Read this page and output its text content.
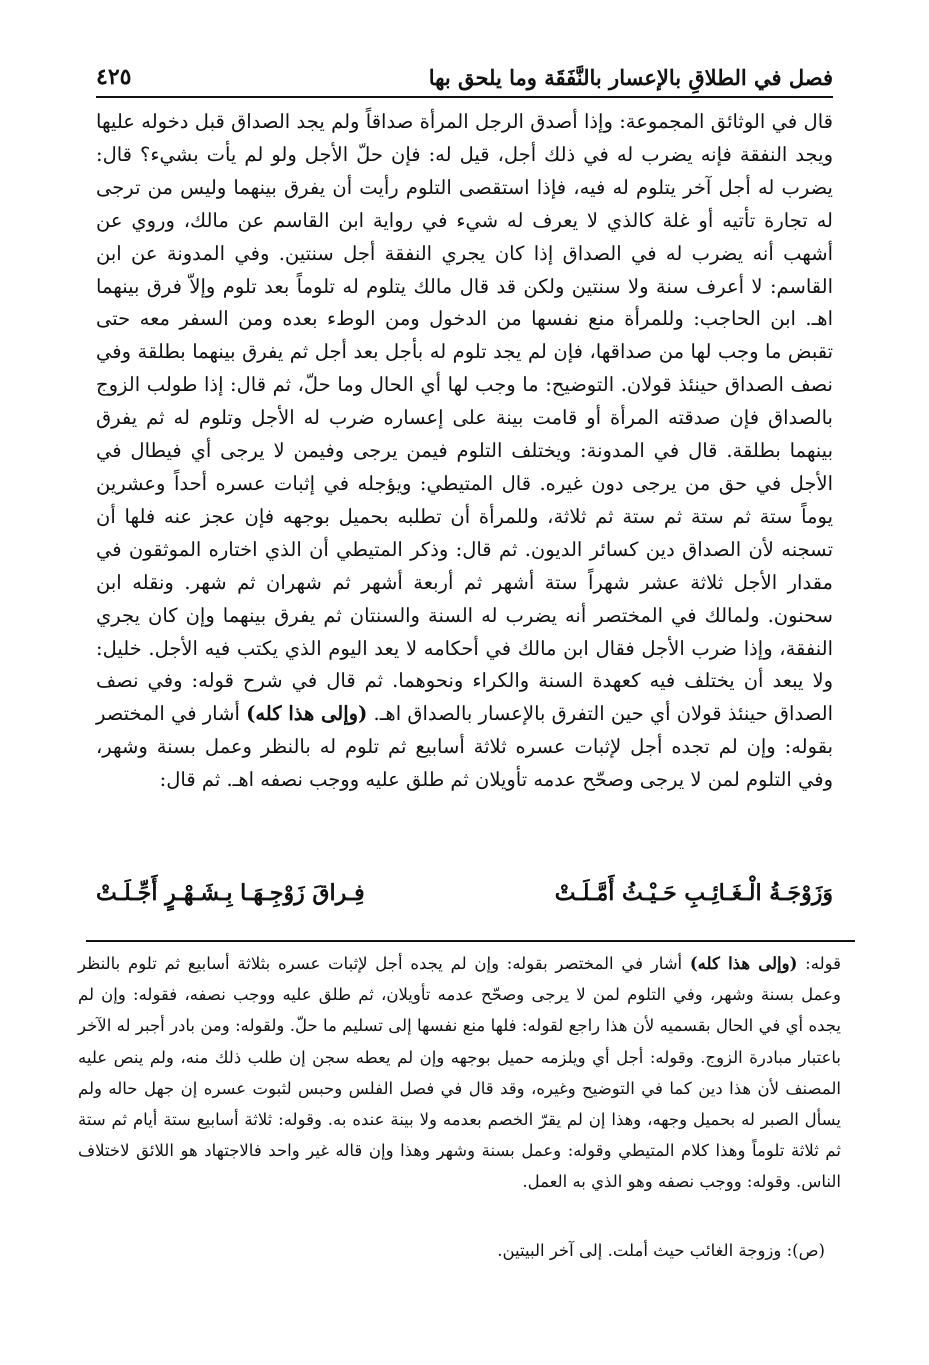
فصل في الطلاقِ بالإعسار بالنَّفَقَة وما يلحق بها
٤٢٥

قال في الوثائق المجموعة: وإذا أصدق الرجل المرأة صداقاً ولم يجد الصداق قبل دخوله عليها ويجد النفقة فإنه يضرب له في ذلك أجل، قيل له: فإن حلّ الأجل ولو لم يأت بشيء؟ قال: يضرب له أجل آخر يتلوم له فيه، فإذا استقصى التلوم رأيت أن يفرق بينهما وليس من ترجى له تجارة تأتيه أو غلة كالذي لا يعرف له شيء في رواية ابن القاسم عن مالك، وروي عن أشهب أنه يضرب له في الصداق إذا كان يجري النفقة أجل سنتين. وفي المدونة عن ابن القاسم: لا أعرف سنة ولا سنتين ولكن قد قال مالك يتلوم له تلوماً بعد تلوم وإلاّ فرق بينهما اهـ. ابن الحاجب: وللمرأة منع نفسها من الدخول ومن الوطء بعده ومن السفر معه حتى تقبض ما وجب لها من صداقها، فإن لم يجد تلوم له بأجل بعد أجل ثم يفرق بينهما بطلقة وفي نصف الصداق حينئذ قولان. التوضيح: ما وجب لها أي الحال وما حلّ، ثم قال: إذا طولب الزوج بالصداق فإن صدقته المرأة أو قامت بينة على إعساره ضرب له الأجل وتلوم له ثم يفرق بينهما بطلقة. قال في المدونة: ويختلف التلوم فيمن يرجى وفيمن لا يرجى أي فيطال في الأجل في حق من يرجى دون غيره. قال المتيطي: ويؤجله في إثبات عسره أحداً وعشرين يوماً ستة ثم ستة ثم ستة ثم ثلاثة، وللمرأة أن تطلبه بحميل بوجهه فإن عجز عنه فلها أن تسجنه لأن الصداق دين كسائر الديون. ثم قال: وذكر المتيطي أن الذي اختاره الموثقون في مقدار الأجل ثلاثة عشر شهراً ستة أشهر ثم أربعة أشهر ثم شهران ثم شهر. ونقله ابن سحنون. ولمالك في المختصر أنه يضرب له السنة والسنتان ثم يفرق بينهما وإن كان يجري النفقة، وإذا ضرب الأجل فقال ابن مالك في أحكامه لا يعد اليوم الذي يكتب فيه الأجل. خليل: ولا يبعد أن يختلف فيه كعهدة السنة والكراء ونحوهما. ثم قال في شرح قوله: وفي نصف الصداق حينئذ قولان أي حين التفرق بالإعسار بالصداق اهـ. (وإلى هذا كله) أشار في المختصر بقوله: وإن لم تجده أجل لإثبات عسره ثلاثة أسابيع ثم تلوم له بالنظر وعمل بسنة وشهر، وفي التلوم لمن لا يرجى وصحّح عدمه تأويلان ثم طلق عليه ووجب نصفه اهـ. ثم قال:

وَزَوْجَـةُ الْـغَـائِـبِ حَـيْـثُ أَمَّـلَـتْ
فِـراقَ زَوْجِـهَـا بِـشَـهْـرٍ أَجِّـلَـتْ

قوله: (وإلى هذا كله) أشار في المختصر بقوله: وإن لم يجده أجل لإثبات عسره بثلاثة أسابيع ثم تلوم بالنظر وعمل بسنة وشهر، وفي التلوم لمن لا يرجى وصحّح عدمه تأويلان، ثم طلق عليه ووجب نصفه، فقوله: وإن لم يجده أي في الحال بقسميه لأن هذا راجع لقوله: فلها منع نفسها إلى تسليم ما حلّ. ولقوله: ومن بادر أجبر له الآخر باعتبار مبادرة الزوج. وقوله: أجل أي ويلزمه حميل بوجهه وإن لم يعطه سجن إن طلب ذلك منه، ولم ينص عليه المصنف لأن هذا دين كما في التوضيح وغيره، وقد قال في فصل الفلس وحبس لثبوت عسره إن جهل حاله ولم يسأل الصبر له بحميل وجهه، وهذا إن لم يقرّ الخصم بعدمه ولا بينة عنده به. وقوله: ثلاثة أسابيع ستة أيام ثم ستة ثم ثلاثة تلوماً وهذا كلام المتيطي وقوله: وعمل بسنة وشهر وهذا وإن قاله غير واحد فالاجتهاد هو اللائق لاختلاف الناس. وقوله: ووجب نصفه وهو الذي به العمل.

(ص): وزوجة الغائب حيث أملت. إلى آخر البيتين.
